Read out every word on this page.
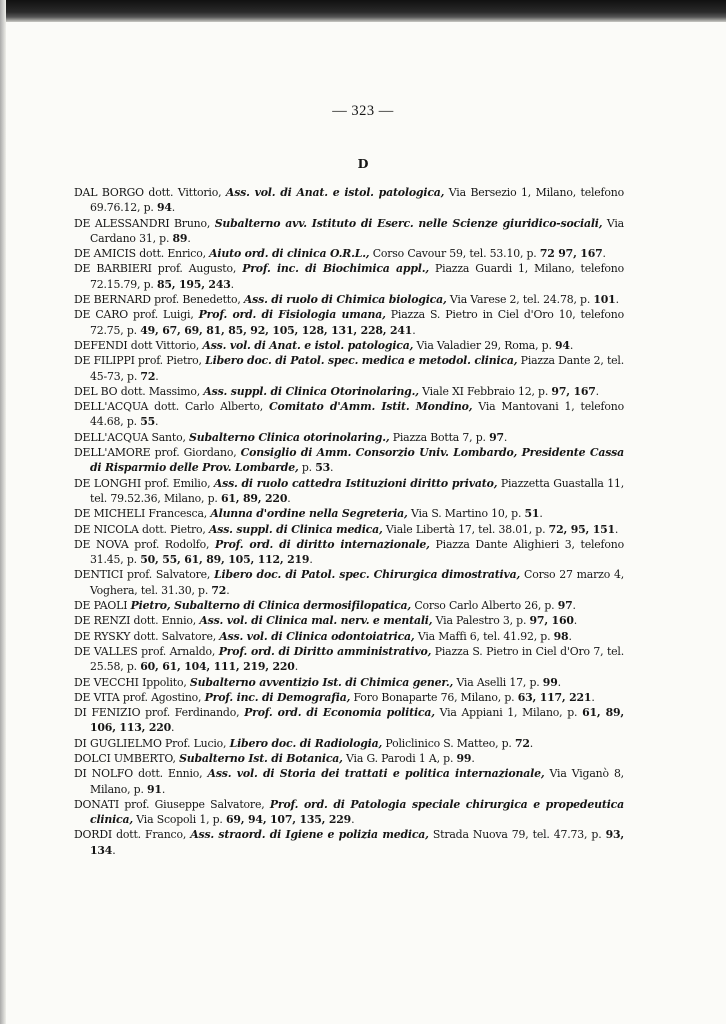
— 323 —
D
DAL BORGO dott. Vittorio, Ass. vol. di Anat. e istol. patologica, Via Bersezio 1, Milano, telefono 69.76.12, p. 94.
DE ALESSANDRI Bruno, Subalterno avv. Istituto di Eserc. nelle Scienze giuridico-sociali, Via Cardano 31, p. 89.
DE AMICIS dott. Enrico, Aiuto ord. di clinica O.R.L., Corso Cavour 59, tel. 53.10, p. 72 97, 167.
DE BARBIERI prof. Augusto, Prof. inc. di Biochimica appl., Piazza Guardi 1, Milano, telefono 72.15.79, p. 85, 195, 243.
DE BERNARD prof. Benedetto, Ass. di ruolo di Chimica biologica, Via Varese 2, tel. 24.78, p. 101.
DE CARO prof. Luigi, Prof. ord. di Fisiologia umana, Piazza S. Pietro in Ciel d'Oro 10, telefono 72.75, p. 49, 67, 69, 81, 85, 92, 105, 128, 131, 228, 241.
DEFENDI dott Vittorio, Ass. vol. di Anat. e istol. patologica, Via Valadier 29, Roma, p. 94.
DE FILIPPI prof. Pietro, Libero doc. di Patol. spec. medica e metodol. clinica, Piazza Dante 2, tel. 45-73, p. 72.
DEL BO dott. Massimo, Ass. suppl. di Clinica Otorinolaring., Viale XI Febbraio 12, p. 97, 167.
DELL'ACQUA dott. Carlo Alberto, Comitato d'Amm. Istit. Mondino, Via Mantovani 1, telefono 44.68, p. 55.
DELL'ACQUA Santo, Subalterno Clinica otorinolaring., Piazza Botta 7, p. 97.
DELL'AMORE prof. Giordano, Consiglio di Amm. Consorzio Univ. Lombardo, Presidente Cassa di Risparmio delle Prov. Lombarde, p. 53.
DE LONGHI prof. Emilio, Ass. di ruolo cattedra Istituzioni diritto privato, Piazzetta Guastalla 11, tel. 79.52.36, Milano, p. 61, 89, 220.
DE MICHELI Francesca, Alunna d'ordine nella Segreteria, Via S. Martino 10, p. 51.
DE NICOLA dott. Pietro, Ass. suppl. di Clinica medica, Viale Libertà 17, tel. 38.01, p. 72, 95, 151.
DE NOVA prof. Rodolfo, Prof. ord. di diritto internazionale, Piazza Dante Alighieri 3, telefono 31.45, p. 50, 55, 61, 89, 105, 112, 219.
DENTICI prof. Salvatore, Libero doc. di Patol. spec. Chirurgica dimostrativa, Corso 27 marzo 4, Voghera, tel. 31.30, p. 72.
DE PAOLI Pietro, Subalterno di Clinica dermosifilopatica, Corso Carlo Alberto 26, p. 97.
DE RENZI dott. Ennio, Ass. vol. di Clinica mal. nerv. e mentali, Via Palestro 3, p. 97, 160.
DE RYSKY dott. Salvatore, Ass. vol. di Clinica odontoiatrica, Via Maffi 6, tel. 41.92, p. 98.
DE VALLES prof. Arnaldo, Prof. ord. di Diritto amministrativo, Piazza S. Pietro in Ciel d'Oro 7, tel. 25.58, p. 60, 61, 104, 111, 219, 220.
DE VECCHI Ippolito, Subalterno avventizio Ist. di Chimica gener., Via Aselli 17, p. 99.
DE VITA prof. Agostino, Prof. inc. di Demografia, Foro Bonaparte 76, Milano, p. 63, 117, 221.
DI FENIZIO prof. Ferdinando, Prof. ord. di Economia politica, Via Appiani 1, Milano, p. 61, 89, 106, 113, 220.
DI GUGLIELMO Prof. Lucio, Libero doc. di Radiologia, Policlinico S. Matteo, p. 72.
DOLCI UMBERTO, Subalterno Ist. di Botanica, Via G. Parodi 1 A, p. 99.
DI NOLFO dott. Ennio, Ass. vol. di Storia dei trattati e politica internazionale, Via Viganò 8, Milano, p. 91.
DONATI prof. Giuseppe Salvatore, Prof. ord. di Patologia speciale chirurgica e propedeutica clinica, Via Scopoli 1, p. 69, 94, 107, 135, 229.
DORDI dott. Franco, Ass. straord. di Igiene e polizia medica, Strada Nuova 79, tel. 47.73, p. 93, 134.
